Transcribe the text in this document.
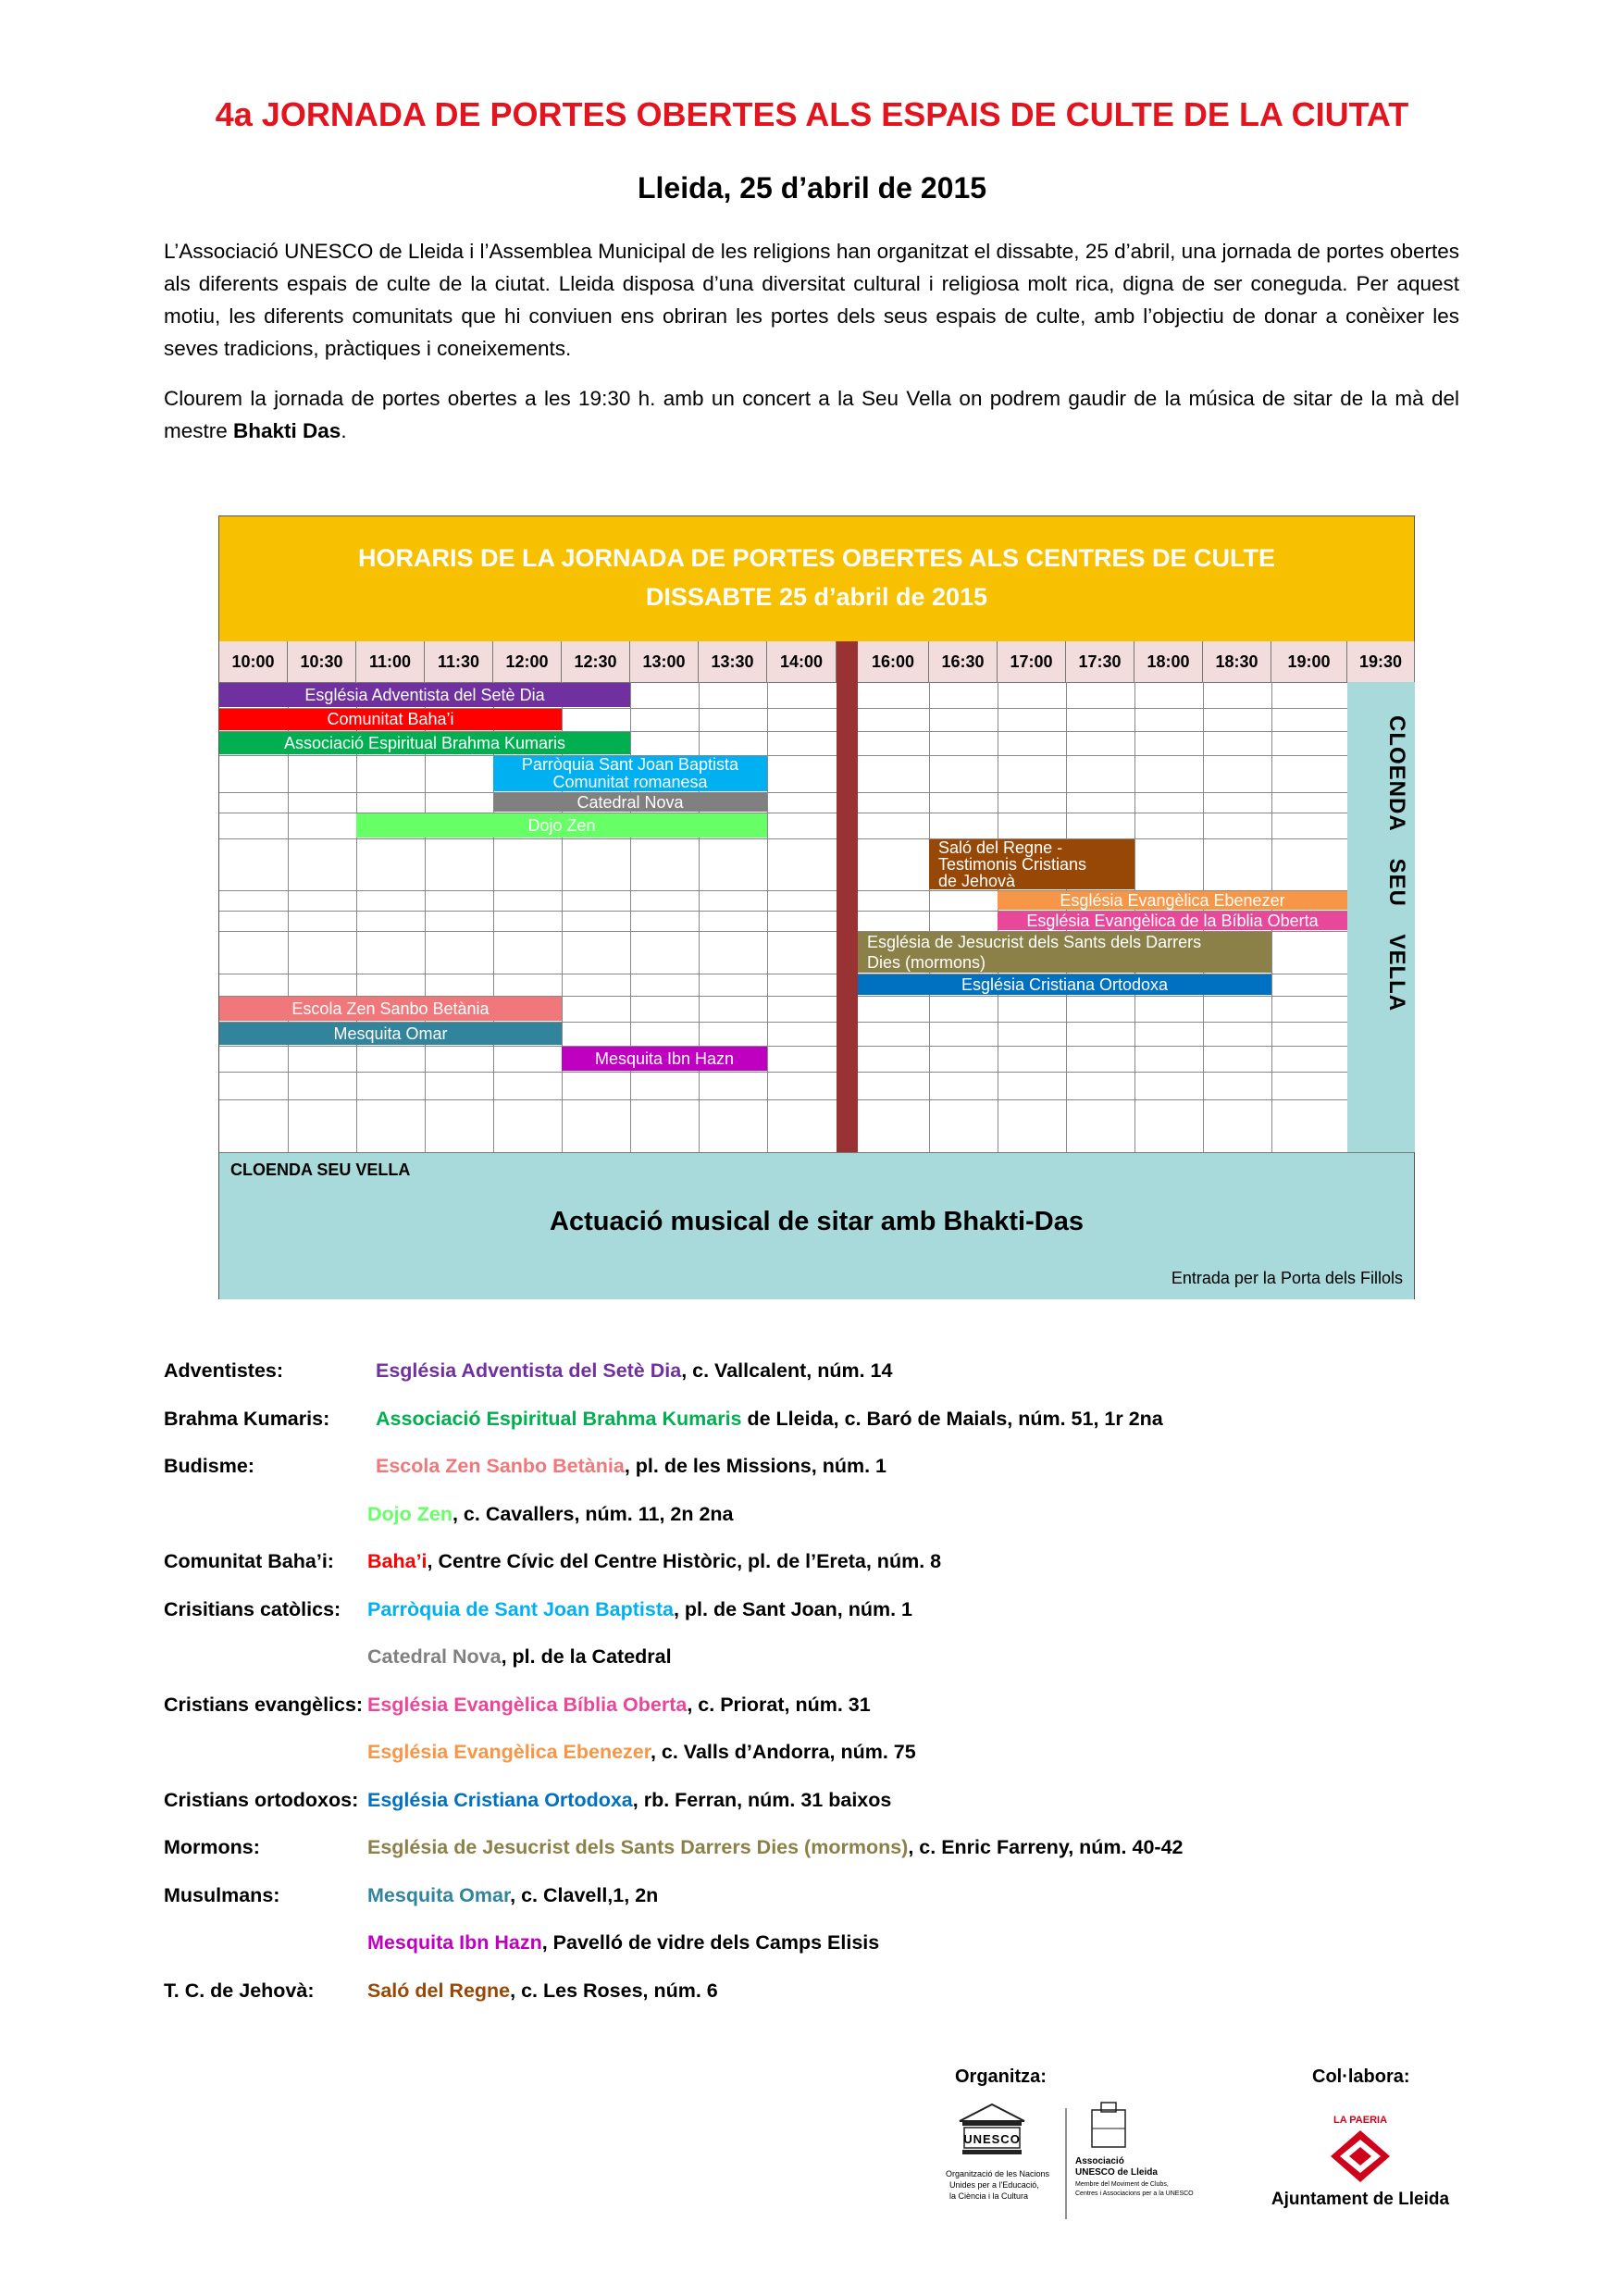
4a JORNADA DE PORTES OBERTES ALS ESPAIS DE CULTE DE LA CIUTAT
Lleida, 25 d’abril de 2015
L’Associació UNESCO de Lleida i l’Assemblea Municipal de les religions han organitzat el dissabte, 25 d’abril, una jornada de portes obertes als diferents espais de culte de la ciutat. Lleida disposa d’una diversitat cultural i religiosa molt rica, digna de ser coneguda. Per aquest motiu, les diferents comunitats que hi conviuen ens obriran les portes dels seus espais de culte, amb l’objectiu de donar a conèixer les seves tradicions, pràctiques i coneixements.
Clourem la jornada de portes obertes a les 19:30 h. amb un concert a la Seu Vella on podrem gaudir de la música de sitar de la mà del mestre Bhakti Das.
HORARIS DE LA JORNADA DE PORTES OBERTES ALS CENTRES DE CULTE
DISSABTE 25 d’abril de 2015
10:00	10:30	11:00	11:30	12:00	12:30	13:00	13:30	14:00	16:00	16:30	17:00	17:30	18:00	18:30	19:00	19:30
CLOENDA SEU VELLA
Església Adventista del Setè Dia
Comunitat Baha’i
Associació Espiritual Brahma Kumaris
Parròquia Sant Joan Baptista
Comunitat romanesa
Catedral Nova
Dojo Zen
Saló del Regne -
Testimonis Cristians
de Jehovà
Església Evangèlica Ebenezer
Església Evangèlica de la Bíblia Oberta
Església de Jesucrist dels Sants dels Darrers
Dies (mormons)
Església Cristiana Ortodoxa
Escola Zen Sanbo Betània
Mesquita Omar
Mesquita Ibn Hazn
CLOENDA SEU VELLA
Actuació musical de sitar amb Bhakti-Das
Entrada per la Porta dels Fillols
Adventistes:	Església Adventista del Setè Dia, c. Vallcalent, núm. 14
Brahma Kumaris: Associació Espiritual Brahma Kumaris de Lleida, c. Baró de Maials, núm. 51, 1r 2na
Budisme:	Escola Zen Sanbo Betània, pl. de les Missions, núm. 1
Dojo Zen, c. Cavallers, núm. 11, 2n 2na
Comunitat Baha’i: Baha’i, Centre Cívic del Centre Històric, pl. de l’Ereta, núm. 8
Crisitians catòlics: Parròquia de Sant Joan Baptista, pl. de Sant Joan, núm. 1
Catedral Nova, pl. de la Catedral
Cristians evangèlics: Església Evangèlica Bíblia Oberta, c. Priorat, núm. 31
Església Evangèlica Ebenezer, c. Valls d’Andorra, núm. 75
Cristians ortodoxos: Església Cristiana Ortodoxa, rb. Ferran, núm. 31 baixos
Mormons:	Església de Jesucrist dels Sants Darrers Dies (mormons), c. Enric Farreny, núm. 40-42
Musulmans:	Mesquita Omar, c. Clavell,1, 2n
Mesquita Ibn Hazn, Pavelló de vidre dels Camps Elisis
T. C. de Jehovà:	Saló del Regne, c. Les Roses, núm. 6
Organitza:	Col·labora:
UNESCO
Organització de les Nacions
Unides per a l'Educació,
la Ciència i la Cultura
Associació
UNESCO de Lleida
Membre del Moviment de Clubs,
Centres i Associacions per a la UNESCO
LA PAERIA
Ajuntament de Lleida
